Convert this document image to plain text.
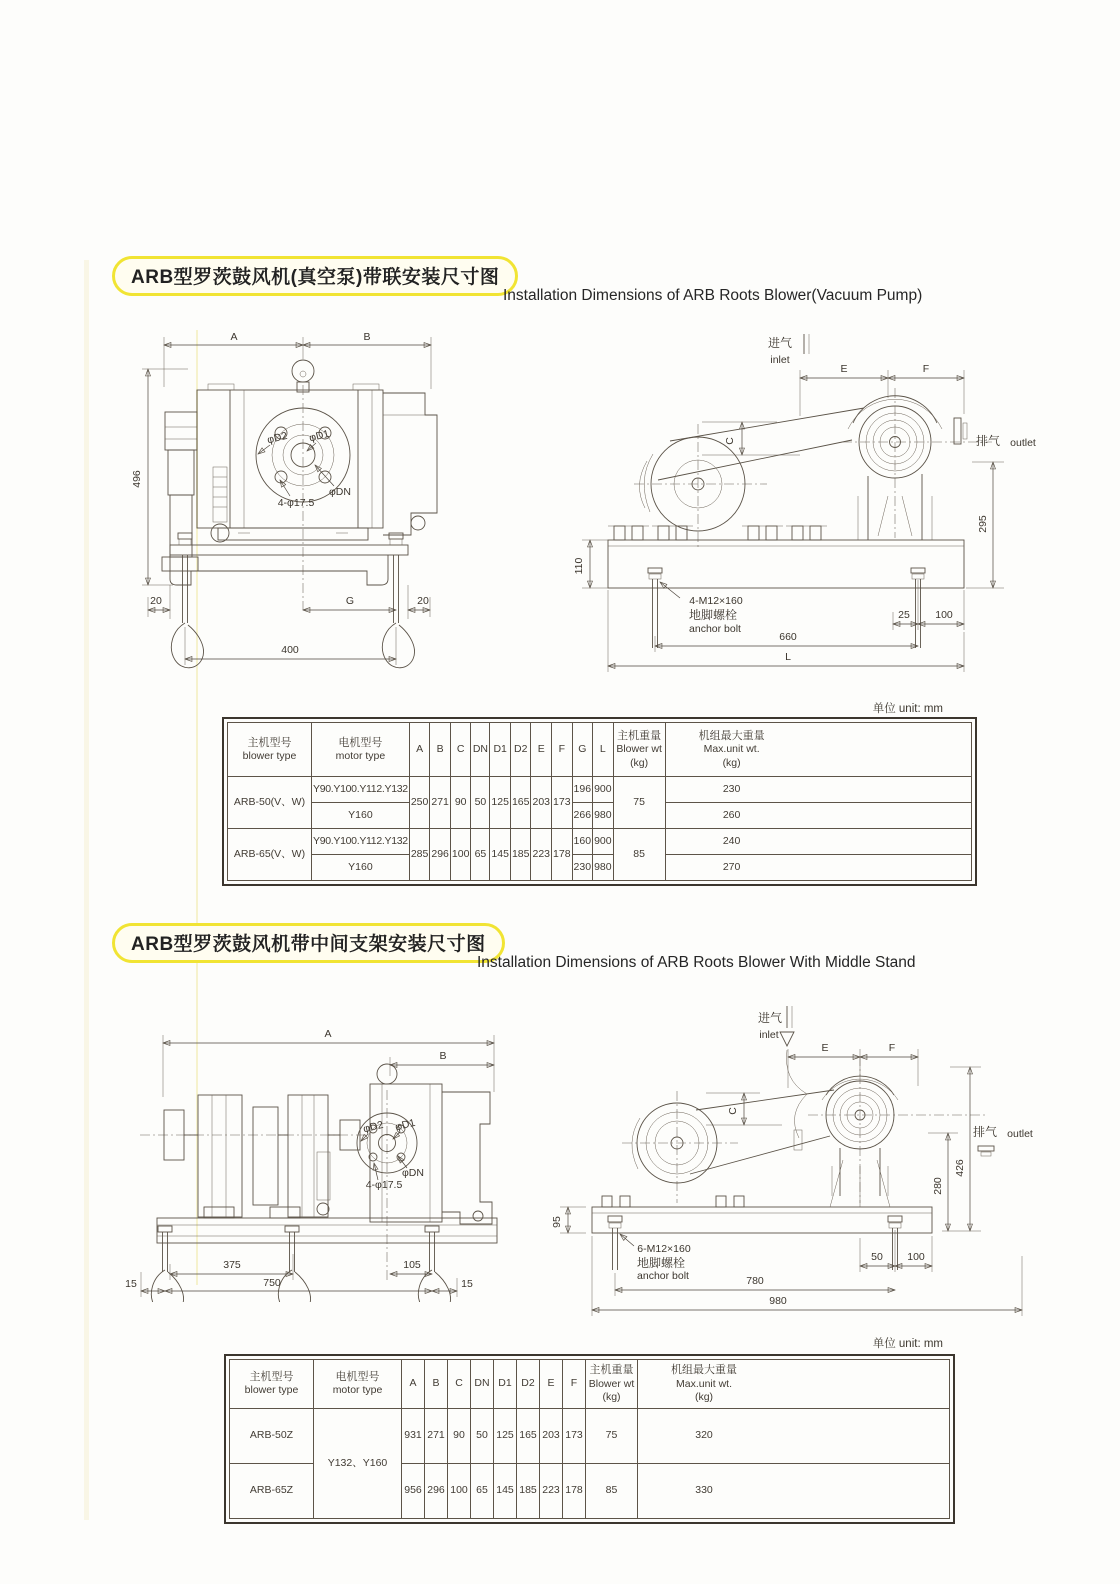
ARB型罗茨鼓风机(真空泵)带联安装尺寸图
Installation Dimensions of ARB Roots Blower(Vacuum Pump)
A	B
496
φD2 φD1
φDN
4-φ17.5
20	G	20
400
进气
inlet
E	F
C	排气 outlet
295
4-M12×160
地脚螺栓
anchor bolt
110
25 100
660
L
单位 unit: mm
主机型号
blower type

电机型号
motor type
	A	B	C	DN	D1	D2	E	F	G	L	
主机重量
Blower wt
(kg)

机组最大重量
Max.unit wt.
(kg)

ARB-50(V、W)	Y90.Y100.Y112.Y132	250	271	90	50	125	165	203	173	196	900	75	230

	Y160									266	980		260

ARB-65(V、W)	Y90.Y100.Y112.Y132	285	296	100	65	145	185	223	178	160	900	85	240

	Y160									230	980		270
ARB型罗茨鼓风机带中间支架安装尺寸图
Installation Dimensions of ARB Roots Blower With Middle Stand
A
B
φD2 φD1
φDN
4-φ17.5
375	105
15	750	15
进气
inlet
E	F
C
排气 outlet
426
280
6-M12×160
地脚螺栓
anchor bolt
95
50 100
780
980
单位 unit: mm
主机型号
blower type

电机型号
motor type
	A	B	C	DN	D1	D2	E	F	
主机重量
Blower wt
(kg)

机组最大重量
Max.unit wt.
(kg)

ARB-50Z	Y132、Y160	931	271	90	50	125	165	203	173	75	320

ARB-65Z		956	296	100	65	145	185	223	178	85	330
